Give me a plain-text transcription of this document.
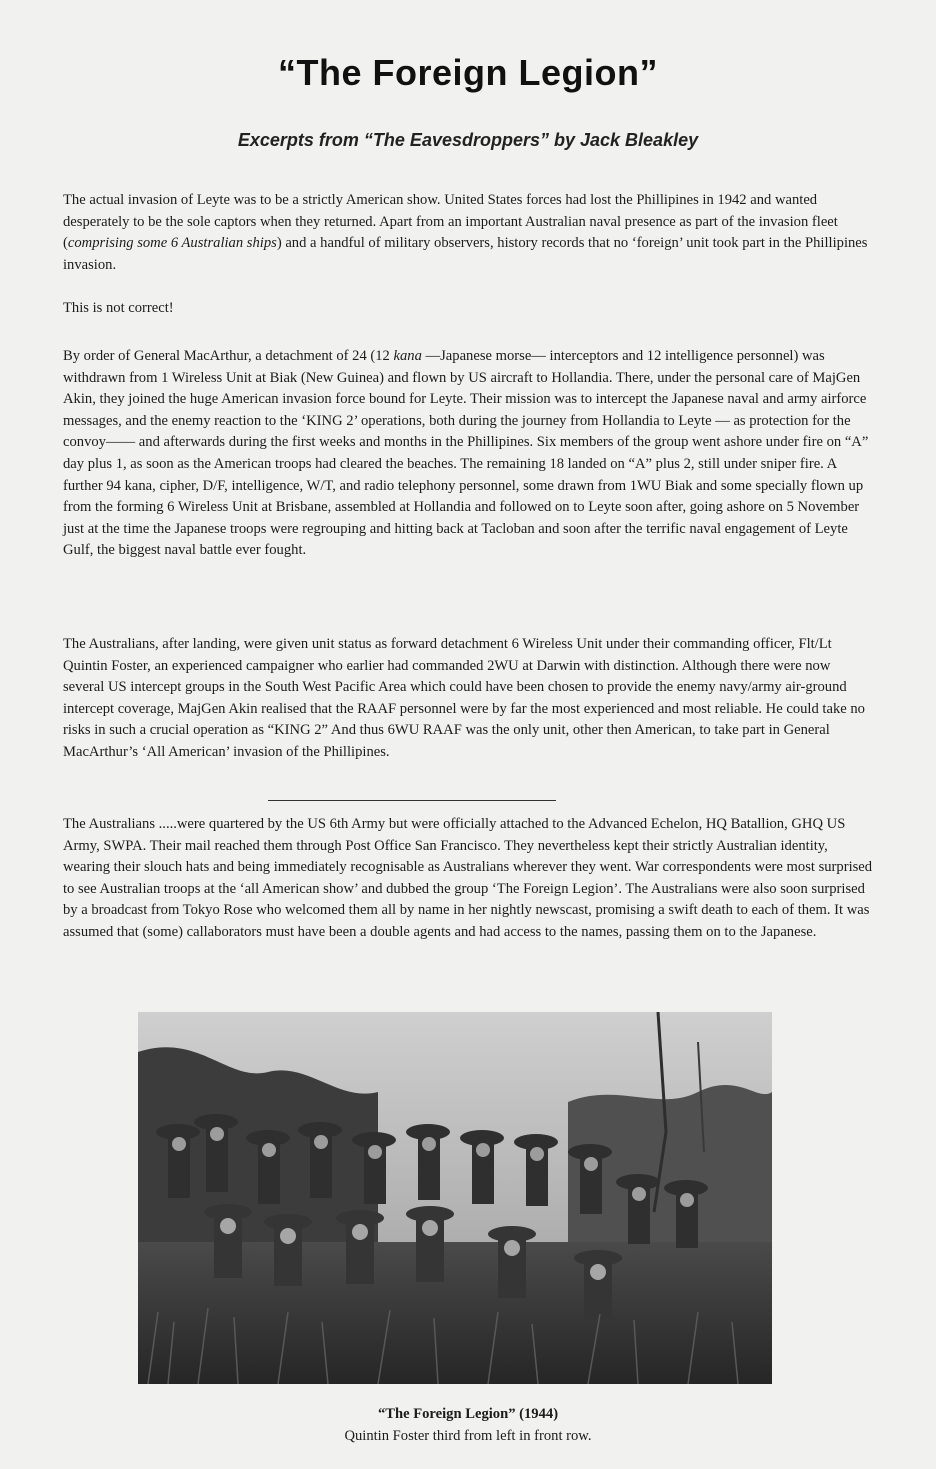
“The Foreign Legion”
Excerpts from “The Eavesdroppers” by Jack Bleakley
The actual invasion of Leyte was to be a strictly American show. United States forces had lost the Phillipines in 1942 and wanted desperately to be the sole captors when they returned. Apart from an important Australian naval presence as part of the invasion fleet (comprising some 6 Australian ships) and a handful of military observers, history records that no ‘foreign’ unit took part in the Phillipines invasion.
This is not correct!
By order of General MacArthur, a detachment of 24 (12 kana —Japanese morse— interceptors and 12 intelligence personnel) was withdrawn from 1 Wireless Unit at Biak (New Guinea) and flown by US aircraft to Hollandia. There, under the personal care of MajGen Akin, they joined the huge American invasion force bound for Leyte. Their mission was to intercept the Japanese naval and army airforce messages, and the enemy reaction to the ‘KING 2’ operations, both during the journey from Hollandia to Leyte — as protection for the convoy—— and afterwards during the first weeks and months in the Phillipines. Six members of the group went ashore under fire on “A” day plus 1, as soon as the American troops had cleared the beaches. The remaining 18 landed on “A” plus 2, still under sniper fire. A further 94 kana, cipher, D/F, intelligence, W/T, and radio telephony personnel, some drawn from 1WU Biak and some specially flown up from the forming 6 Wireless Unit at Brisbane, assembled at Hollandia and followed on to Leyte soon after, going ashore on 5 November just at the time the Japanese troops were regrouping and hitting back at Tacloban and soon after the terrific naval engagement of Leyte Gulf, the biggest naval battle ever fought.
The Australians, after landing, were given unit status as forward detachment 6 Wireless Unit under their commanding officer, Flt/Lt Quintin Foster, an experienced campaigner who earlier had commanded 2WU at Darwin with distinction. Although there were now several US intercept groups in the South West Pacific Area which could have been chosen to provide the enemy navy/army air-ground intercept coverage, MajGen Akin realised that the RAAF personnel were by far the most experienced and most reliable. He could take no risks in such a crucial operation as “KING 2” And thus 6WU RAAF was the only unit, other then American, to take part in General MacArthur’s ‘All American’ invasion of the Phillipines.
The Australians .....were quartered by the US 6th Army but were officially attached to the Advanced Echelon, HQ Batallion, GHQ US Army, SWPA. Their mail reached them through Post Office San Francisco. They nevertheless kept their strictly Australian identity, wearing their slouch hats and being immediately recognisable as Australians wherever they went. War correspondents were most surprised to see Australian troops at the ‘all American show’ and dubbed the group ‘The Foreign Legion’. The Australians were also soon surprised by a broadcast from Tokyo Rose who welcomed them all by name in her nightly newscast, promising a swift death to each of them. It was assumed that (some) callaborators must have been a double agents and had access to the names, passing them on to the Japanese.
“The Foreign Legion” (1944)
Quintin Foster third from left in front row.
